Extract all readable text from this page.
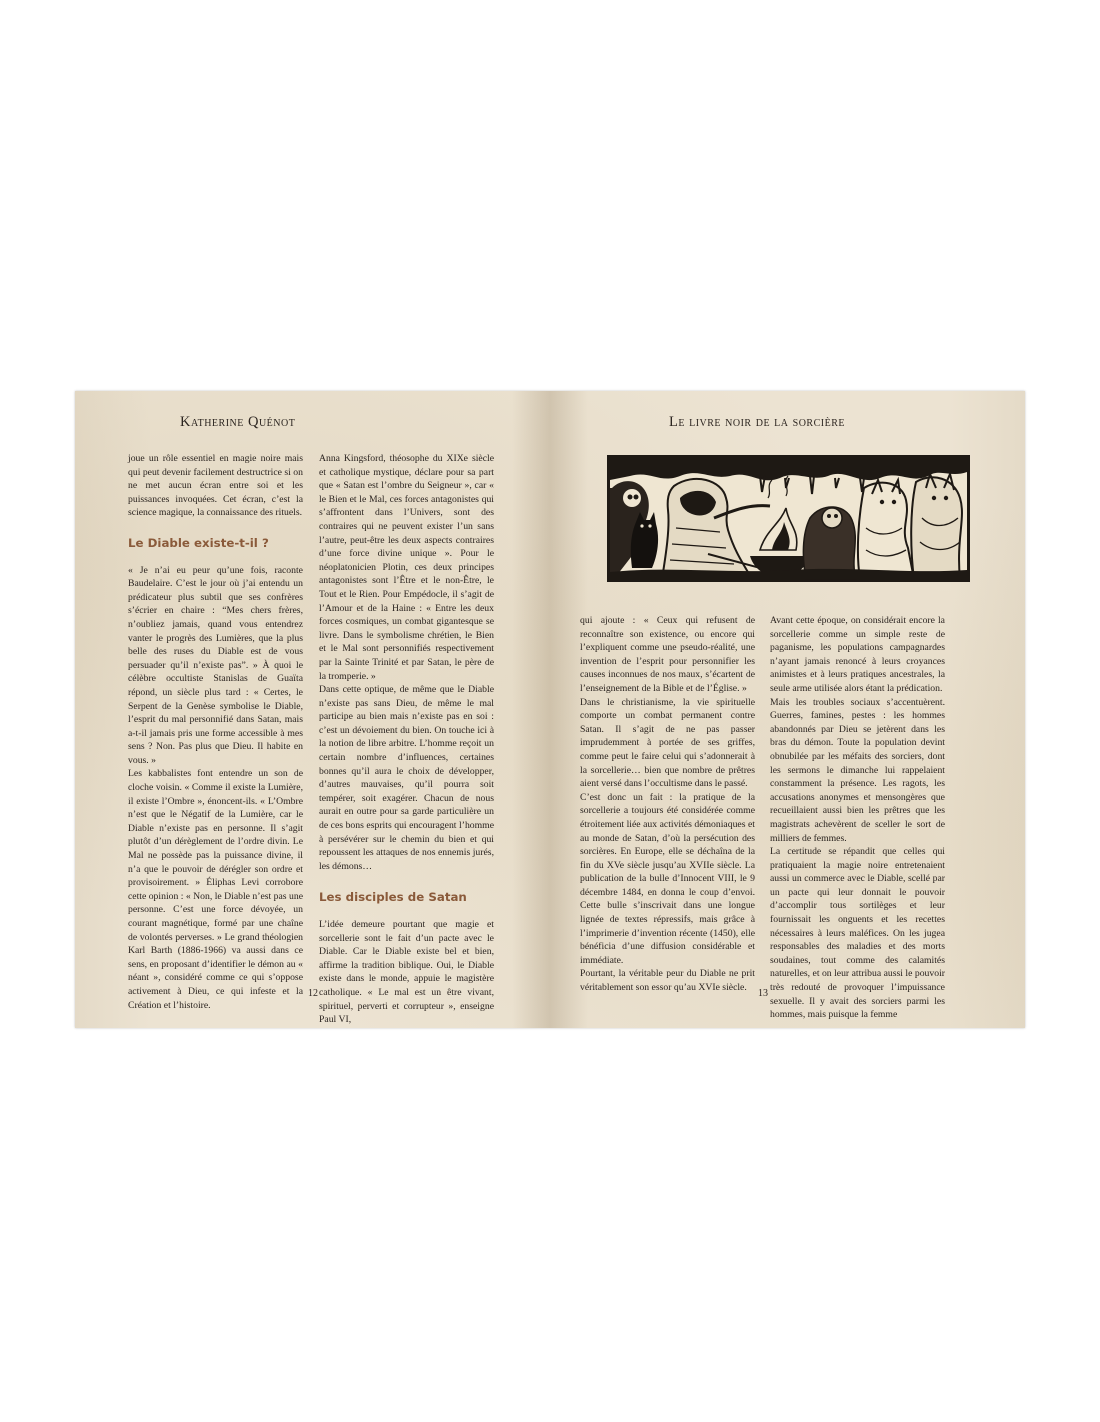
Katherine Quénot

joue un rôle essentiel en magie noire mais qui peut devenir facilement destructrice si on ne met aucun écran entre soi et les puissances invoquées. Cet écran, c’est la science magique, la connaissance des rituels.

Le Diable existe-t-il ?

« Je n’ai eu peur qu’une fois, raconte Baudelaire. C’est le jour où j’ai entendu un prédicateur plus subtil que ses confrères s’écrier en chaire : “Mes chers frères, n’oubliez jamais, quand vous entendrez vanter le progrès des Lumières, que la plus belle des ruses du Diable est de vous persuader qu’il n’existe pas”. » À quoi le célèbre occultiste Stanislas de Guaïta répond, un siècle plus tard : « Certes, le Serpent de la Genèse symbolise le Diable, l’esprit du mal personnifié dans Satan, mais a-t-il jamais pris une forme accessible à mes sens ? Non. Pas plus que Dieu. Il habite en vous. »

Les kabbalistes font entendre un son de cloche voisin. « Comme il existe la Lumière, il existe l’Ombre », énoncent-ils. « L’Ombre n’est que le Négatif de la Lumière, car le Diable n’existe pas en personne. Il s’agit plutôt d’un dérèglement de l’ordre divin. Le Mal ne possède pas la puissance divine, il n’a que le pouvoir de dérégler son ordre et provisoirement. » Éliphas Levi corrobore cette opinion : « Non, le Diable n’est pas une personne. C’est une force dévoyée, un courant magnétique, formé par une chaîne de volontés perverses. » Le grand théologien Karl Barth (1886-1966) va aussi dans ce sens, en proposant d’identifier le démon au « néant », considéré comme ce qui s’oppose activement à Dieu, ce qui infeste et la Création et l’histoire.

Anna Kingsford, théosophe du XIXe siècle et catholique mystique, déclare pour sa part que « Satan est l’ombre du Seigneur », car « le Bien et le Mal, ces forces antagonistes qui s’affrontent dans l’Univers, sont des contraires qui ne peuvent exister l’un sans l’autre, peut-être les deux aspects contraires d’une force divine unique ». Pour le néoplatonicien Plotin, ces deux principes antagonistes sont l’Être et le non-Être, le Tout et le Rien. Pour Empédocle, il s’agit de l’Amour et de la Haine : « Entre les deux forces cosmiques, un combat gigantesque se livre. Dans le symbolisme chrétien, le Bien et le Mal sont personnifiés respectivement par la Sainte Trinité et par Satan, le père de la tromperie. »

Dans cette optique, de même que le Diable n’existe pas sans Dieu, de même le mal participe au bien mais n’existe pas en soi : c’est un dévoiement du bien. On touche ici à la notion de libre arbitre. L’homme reçoit un certain nombre d’influences, certaines bonnes qu’il aura le choix de développer, d’autres mauvaises, qu’il pourra soit tempérer, soit exagérer. Chacun de nous aurait en outre pour sa garde particulière un de ces bons esprits qui encouragent l’homme à persévérer sur le chemin du bien et qui repoussent les attaques de nos ennemis jurés, les démons…

Les disciples de Satan

L’idée demeure pourtant que magie et sorcellerie sont le fait d’un pacte avec le Diable. Car le Diable existe bel et bien, affirme la tradition biblique. Oui, le Diable existe dans le monde, appuie le magistère catholique. « Le mal est un être vivant, spirituel, perverti et corrupteur », enseigne Paul VI,

12
Le livre noir de la sorcière

qui ajoute : « Ceux qui refusent de reconnaître son existence, ou encore qui l’expliquent comme une pseudo-réalité, une invention de l’esprit pour personnifier les causes inconnues de nos maux, s’écartent de l’enseignement de la Bible et de l’Église. »

Dans le christianisme, la vie spirituelle comporte un combat permanent contre Satan. Il s’agit de ne pas passer imprudemment à portée de ses griffes, comme peut le faire celui qui s’adonnerait à la sorcellerie… bien que nombre de prêtres aient versé dans l’occultisme dans le passé.

C’est donc un fait : la pratique de la sorcellerie a toujours été considérée comme étroitement liée aux activités démoniaques et au monde de Satan, d’où la persécution des sorcières. En Europe, elle se déchaîna de la fin du XVe siècle jusqu’au XVIIe siècle. La publication de la bulle d’Innocent VIII, le 9 décembre 1484, en donna le coup d’envoi. Cette bulle s’inscrivait dans une longue lignée de textes répressifs, mais grâce à l’imprimerie d’invention récente (1450), elle bénéficia d’une diffusion considérable et immédiate.

Pourtant, la véritable peur du Diable ne prit véritablement son essor qu’au XVIe siècle.

Avant cette époque, on considérait encore la sorcellerie comme un simple reste de paganisme, les populations campagnardes n’ayant jamais renoncé à leurs croyances animistes et à leurs pratiques ancestrales, la seule arme utilisée alors étant la prédication.

Mais les troubles sociaux s’accentuèrent. Guerres, famines, pestes : les hommes abandonnés par Dieu se jetèrent dans les bras du démon. Toute la population devint obnubilée par les méfaits des sorciers, dont les sermons le dimanche lui rappelaient constamment la présence. Les ragots, les accusations anonymes et mensongères que recueillaient aussi bien les prêtres que les magistrats achevèrent de sceller le sort de milliers de femmes.

La certitude se répandit que celles qui pratiquaient la magie noire entretenaient aussi un commerce avec le Diable, scellé par un pacte qui leur donnait le pouvoir d’accomplir tous sortilèges et leur fournissait les onguents et les recettes nécessaires à leurs maléfices. On les jugea responsables des maladies et des morts soudaines, tout comme des calamités naturelles, et on leur attribua aussi le pouvoir très redouté de provoquer l’impuissance sexuelle. Il y avait des sorciers parmi les hommes, mais puisque la femme

13
